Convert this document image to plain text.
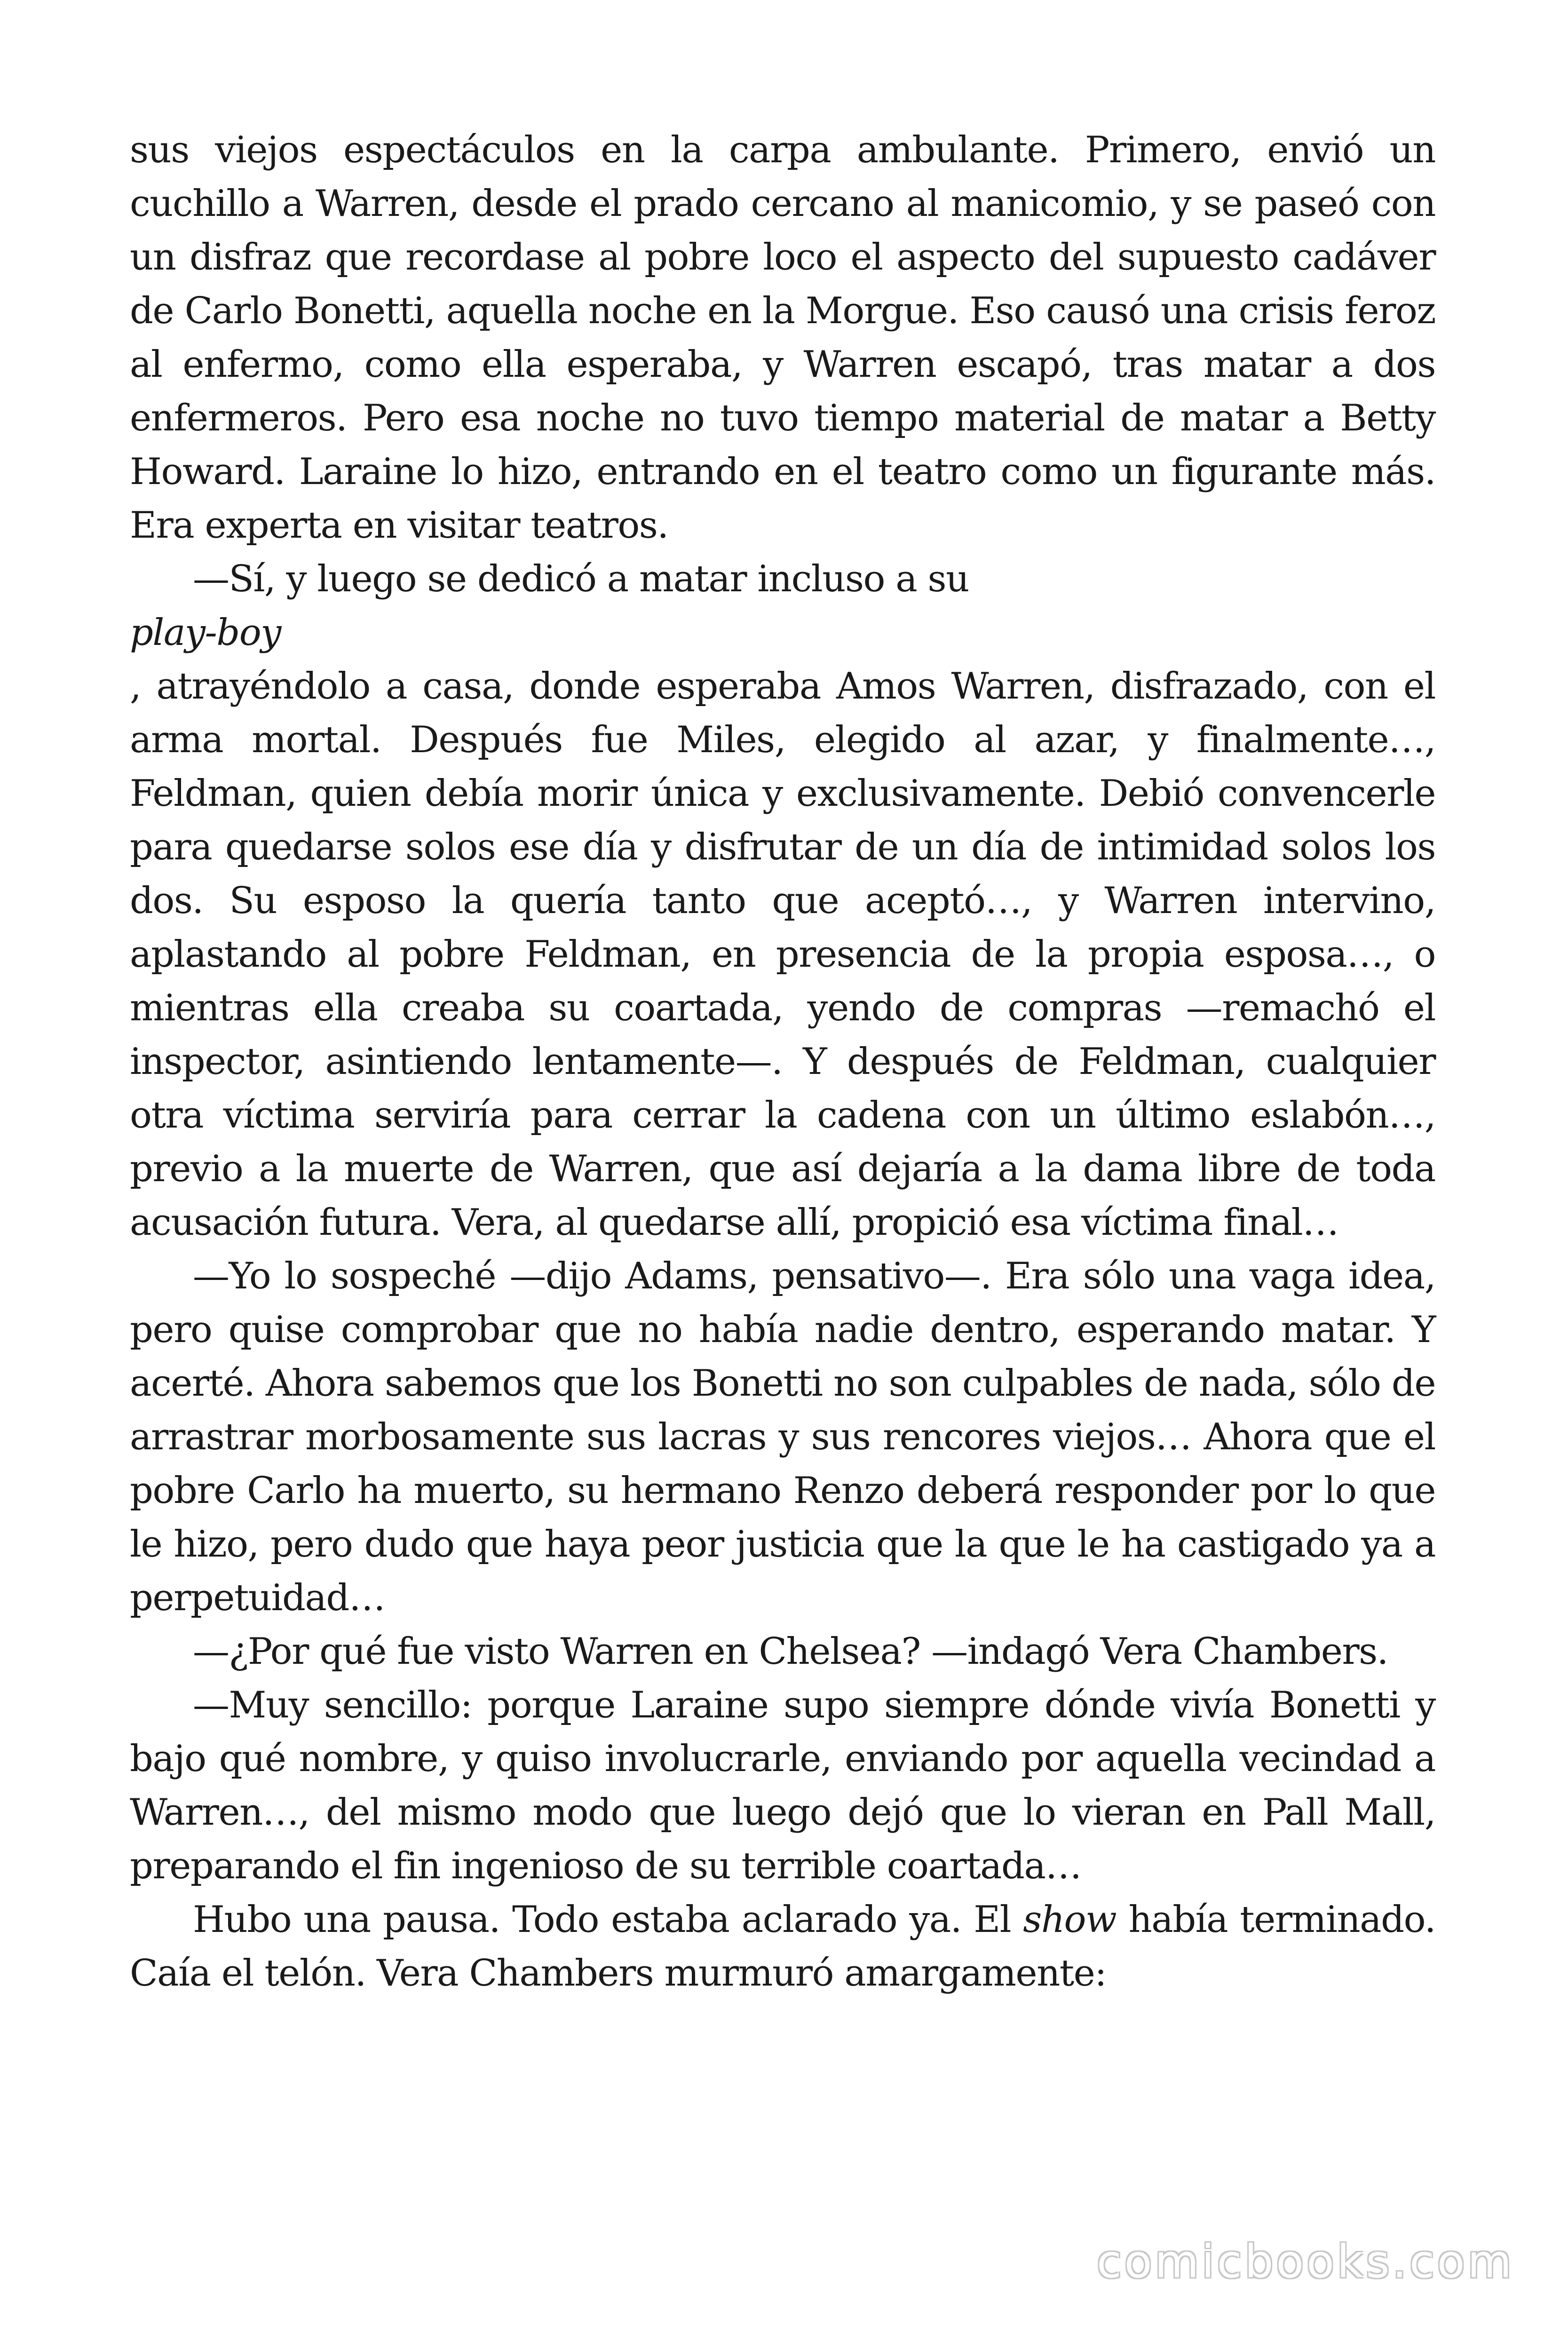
sus viejos espectáculos en la carpa ambulante. Primero, envió un cuchillo a Warren, desde el prado cercano al manicomio, y se paseó con un disfraz que recordase al pobre loco el aspecto del supuesto cadáver de Carlo Bonetti, aquella noche en la Morgue. Eso causó una crisis feroz al enfermo, como ella esperaba, y Warren escapó, tras matar a dos enfermeros. Pero esa noche no tuvo tiempo material de matar a Betty Howard. Laraine lo hizo, entrando en el teatro como un figurante más. Era experta en visitar teatros.

—Sí, y luego se dedicó a matar incluso a su

play-boy

, atrayéndolo a casa, donde esperaba Amos Warren, disfrazado, con el arma mortal. Después fue Miles, elegido al azar, y finalmente…, Feldman, quien debía morir única y exclusivamente. Debió convencerle para quedarse solos ese día y disfrutar de un día de intimidad solos los dos. Su esposo la quería tanto que aceptó…, y Warren intervino, aplastando al pobre Feldman, en presencia de la propia esposa…, o mientras ella creaba su coartada, yendo de compras —remachó el inspector, asintiendo lentamente—. Y después de Feldman, cualquier otra víctima serviría para cerrar la cadena con un último eslabón…, previo a la muerte de Warren, que así dejaría a la dama libre de toda acusación futura. Vera, al quedarse allí, propició esa víctima final…

—Yo lo sospeché —dijo Adams, pensativo—. Era sólo una vaga idea, pero quise comprobar que no había nadie dentro, esperando matar. Y acerté. Ahora sabemos que los Bonetti no son culpables de nada, sólo de arrastrar morbosamente sus lacras y sus rencores viejos… Ahora que el pobre Carlo ha muerto, su hermano Renzo deberá responder por lo que le hizo, pero dudo que haya peor justicia que la que le ha castigado ya a perpetuidad…

—¿Por qué fue visto Warren en Chelsea? —indagó Vera Chambers.

—Muy sencillo: porque Laraine supo siempre dónde vivía Bonetti y bajo qué nombre, y quiso involucrarle, enviando por aquella vecindad a Warren…, del mismo modo que luego dejó que lo vieran en Pall Mall, preparando el fin ingenioso de su terrible coartada…

Hubo una pausa. Todo estaba aclarado ya. El show había terminado. Caía el telón. Vera Chambers murmuró amargamente:

comicbooks.com
